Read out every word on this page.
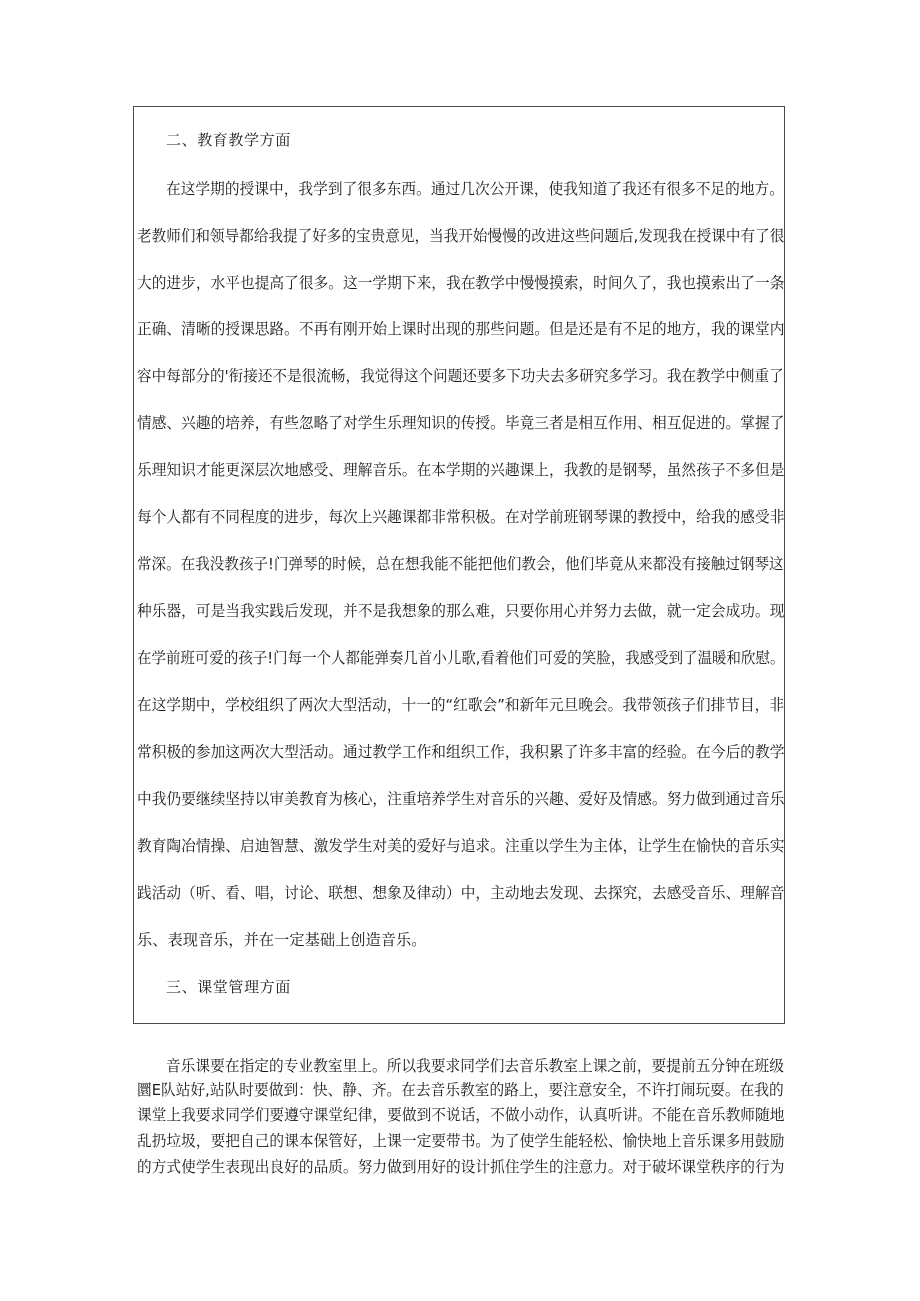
二、教育教学方面
在这学期的授课中，我学到了很多东西。通过几次公开课，使我知道了我还有很多不足的地方。
老教师们和领导都给我提了好多的宝贵意见，当我开始慢慢的改进这些问题后,发现我在授课中有了很
大的进步，水平也提高了很多。这一学期下来，我在教学中慢慢摸索，时间久了，我也摸索出了一条
正确、清晰的授课思路。不再有刚开始上课时出现的那些问题。但是还是有不足的地方，我的课堂内
容中每部分的'衔接还不是很流畅，我觉得这个问题还要多下功夫去多研究多学习。我在教学中侧重了
情感、兴趣的培养，有些忽略了对学生乐理知识的传授。毕竟三者是相互作用、相互促进的。掌握了
乐理知识才能更深层次地感受、理解音乐。在本学期的兴趣课上，我教的是钢琴，虽然孩子不多但是
每个人都有不同程度的进步，每次上兴趣课都非常积极。在对学前班钢琴课的教授中，给我的感受非
常深。在我没教孩子!门弹琴的时候，总在想我能不能把他们教会，他们毕竟从来都没有接触过钢琴这
种乐器，可是当我实践后发现，并不是我想象的那么难，只要你用心并努力去做，就一定会成功。现
在学前班可爱的孩子!门每一个人都能弹奏几首小儿歌,看着他们可爱的笑脸，我感受到了温暖和欣慰。
在这学期中，学校组织了两次大型活动，十一的“红歌会”和新年元旦晚会。我带领孩子们排节目，非
常积极的参加这两次大型活动。通过教学工作和组织工作，我积累了许多丰富的经验。在今后的教学
中我仍要继续坚持以审美教育为核心，注重培养学生对音乐的兴趣、爱好及情感。努力做到通过音乐
教育陶冶情操、启迪智慧、激发学生对美的爱好与追求。注重以学生为主体，让学生在愉快的音乐实
践活动（听、看、唱，讨论、联想、想象及律动）中，主动地去发现、去探究，去感受音乐、理解音
乐、表现音乐，并在一定基础上创造音乐。
三、课堂管理方面
音乐课要在指定的专业教室里上。所以我要求同学们去音乐教室上课之前，要提前五分钟在班级
圜E队站好,站队时要做到：快、静、齐。在去音乐教室的路上，要注意安全，不许打闹玩耍。在我的
课堂上我要求同学们要遵守课堂纪律，要做到不说话，不做小动作，认真听讲。不能在音乐教师随地
乱扔垃圾，要把自己的课本保管好，上课一定要带书。为了使学生能轻松、愉快地上音乐课多用鼓励
的方式使学生表现出良好的品质。努力做到用好的设计抓住学生的注意力。对于破坏课堂秩序的行为
